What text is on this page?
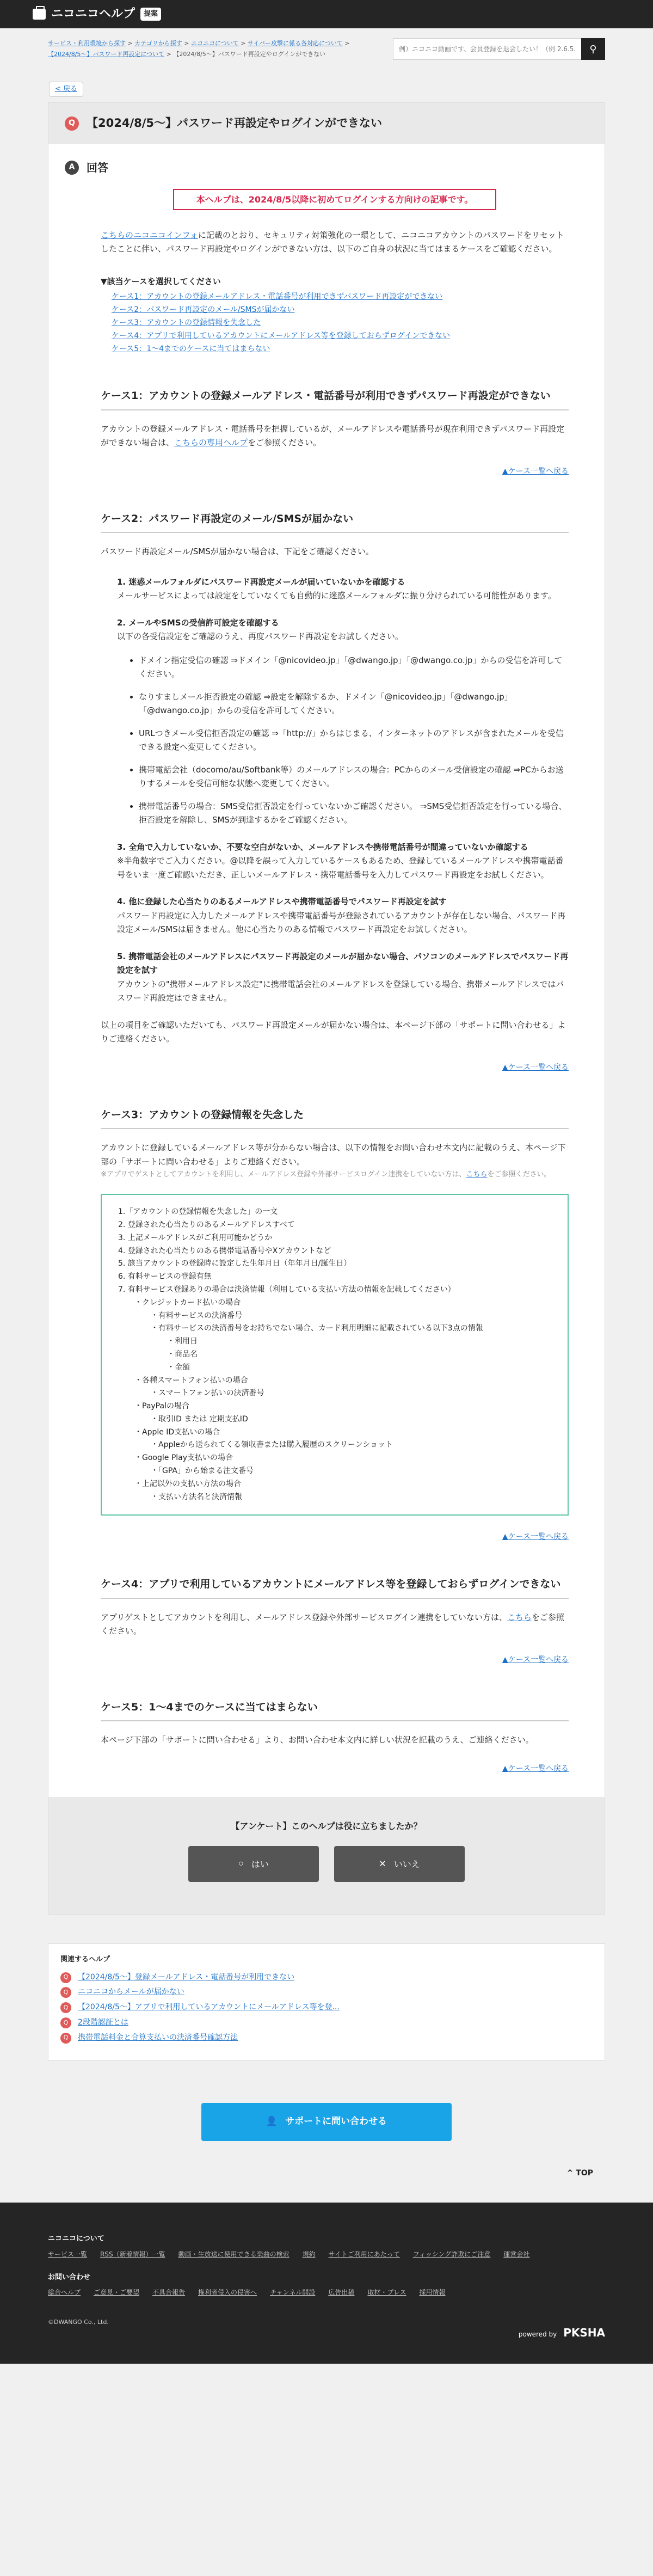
ニコニコヘルプ	提案
サービス・利用環境から探す > カテゴリから探す > ニコニコについて > サイバー攻撃に係る各対応について > 【2024/8/5〜】パスワード再設定について > 【2024/8/5〜】パスワード再設定やログインができない
例）ニコニコ動画です、会員登録を退会したい！（例 2.6.5.1）	⚲
< 戻る
Q	【2024/8/5〜】パスワード再設定やログインができない
A	回答
本ヘルプは、2024/8/5以降に初めてログインする方向けの記事です。

こちらのニコニコインフォに記載のとおり、セキュリティ対策強化の一環として、ニコニコアカウントのパスワードをリセットしたことに伴い、パスワード再設定やログインができない方は、以下のご自身の状況に当てはまるケースをご確認ください。

▼該当ケースを選択してください

ケース1：アカウントの登録メールアドレス・電話番号が利用できずパスワード再設定ができない
ケース2：パスワード再設定のメール/SMSが届かない
ケース3：アカウントの登録情報を失念した
ケース4：アプリで利用しているアカウントにメールアドレス等を登録しておらずログインできない
ケース5：1〜4までのケースに当てはまらない
ケース1：アカウントの登録メールアドレス・電話番号が利用できずパスワード再設定ができない

アカウントの登録メールアドレス・電話番号を把握しているが、メールアドレスや電話番号が現在利用できずパスワード再設定ができない場合は、こちらの専用ヘルプをご参照ください。

▲ケース一覧へ戻る
ケース2：パスワード再設定のメール/SMSが届かない

パスワード再設定メール/SMSが届かない場合は、下記をご確認ください。

1. 迷惑メールフォルダにパスワード再設定メールが届いていないかを確認する
メールサービスによっては設定をしていなくても自動的に迷惑メールフォルダに振り分けられている可能性があります。
2. メールやSMSの受信許可設定を確認する
以下の各受信設定をご確認のうえ、再度パスワード再設定をお試しください。
• ドメイン指定受信の確認 ⇒ドメイン「@nicovideo.jp」「@dwango.jp」「@dwango.co.jp」からの受信を許可してください。
• なりすましメール拒否設定の確認 ⇒設定を解除するか、ドメイン「@nicovideo.jp」「@dwango.jp」「@dwango.co.jp」からの受信を許可してください。
• URLつきメール受信拒否設定の確認 ⇒「http://」からはじまる、インターネットのアドレスが含まれたメールを受信できる設定へ変更してください。
• 携帯電話会社（docomo/au/Softbank等）のメールアドレスの場合：PCからのメール受信設定の確認 ⇒PCからお送りするメールを受信可能な状態へ変更してください。
• 携帯電話番号の場合：SMS受信拒否設定を行っていないかご確認ください。 ⇒SMS受信拒否設定を行っている場合、拒否設定を解除し、SMSが到達するかをご確認ください。
3. 全角で入力していないか、不要な空白がないか、メールアドレスや携帯電話番号が間違っていないか確認する
※半角数字でご入力ください。@以降を誤って入力しているケースもあるため、登録しているメールアドレスや携帯電話番号をいま一度ご確認いただき、正しいメールアドレス・携帯電話番号を入力してパスワード再設定をお試しください。
4. 他に登録した心当たりのあるメールアドレスや携帯電話番号でパスワード再設定を試す
パスワード再設定に入力したメールアドレスや携帯電話番号が登録されているアカウントが存在しない場合、パスワード再設定メール/SMSは届きません。他に心当たりのある情報でパスワード再設定をお試しください。
5. 携帯電話会社のメールアドレスにパスワード再設定のメールが届かない場合、パソコンのメールアドレスでパスワード再設定を試す
アカウントの"携帯メールアドレス設定"に携帯電話会社のメールアドレスを登録している場合、携帯メールアドレスではパスワード再設定はできません。

以上の項目をご確認いただいても、パスワード再設定メールが届かない場合は、本ページ下部の「サポートに問い合わせる」よりご連絡ください。

▲ケース一覧へ戻る
ケース3：アカウントの登録情報を失念した

アカウントに登録しているメールアドレス等が分からない場合は、以下の情報をお問い合わせ本文内に記載のうえ、本ページ下部の「サポートに問い合わせる」よりご連絡ください。

※アプリでゲストとしてアカウントを利用し、メールアドレス登録や外部サービスログイン連携をしていない方は、こちらをご参照ください。

1.「アカウントの登録情報を失念した」の一文
2. 登録された心当たりのあるメールアドレスすべて
3. 上記メールアドレスがご利用可能かどうか
4. 登録された心当たりのある携帯電話番号やXアカウントなど
5. 該当アカウントの登録時に設定した生年月日（年年月日/誕生日）
6. 有料サービスの登録有無
7. 有料サービス登録ありの場合は決済情報（利用している支払い方法の情報を記載してください）
・クレジットカード払いの場合
・有料サービスの決済番号
・有料サービスの決済番号をお持ちでない場合、カード利用明細に記載されている以下3点の情報
・利用日
・商品名
・金額
・各種スマートフォン払いの場合
・スマートフォン払いの決済番号
・PayPalの場合
・取引ID または 定期支払ID
・Apple ID支払いの場合
・Appleから送られてくる領収書または購入履歴のスクリーンショット
・Google Play支払いの場合
・「GPA」から始まる注文番号
・上記以外の支払い方法の場合
・支払い方法名と決済情報
▲ケース一覧へ戻る
ケース4：アプリで利用しているアカウントにメールアドレス等を登録しておらずログインできない

アプリゲストとしてアカウントを利用し、メールアドレス登録や外部サービスログイン連携をしていない方は、こちらをご参照ください。

▲ケース一覧へ戻る
ケース5：1〜4までのケースに当てはまらない

本ページ下部の「サポートに問い合わせる」より、お問い合わせ本文内に詳しい状況を記載のうえ、ご連絡ください。

▲ケース一覧へ戻る

【アンケート】このヘルプは役に立ちましたか？

○ はい	✕ いいえ
関連するヘルプ
Q	【2024/8/5〜】登録メールアドレス・電話番号が利用できない
Q	ニコニコからメールが届かない
Q	【2024/8/5〜】アプリで利用しているアカウントにメールアドレス等を登...
Q	2段階認証とは
Q	携帯電話料金と合算支払いの決済番号確認方法
👤 サポートに問い合わせる
^ TOP
ニコニコについて
サービス一覧 RSS（新着情報）一覧 動画・生放送に使用できる楽曲の検索 規約 サイトご利用にあたって フィッシング詐欺にご注意 運営会社
お問い合わせ
総合ヘルプ ご意見・ご要望 不具合報告 権利者侵入の侵害へ チャンネル開設 広告出稿 取材・プレス 採用情報

©DWANGO Co., Ltd.

powered by PKSHA
